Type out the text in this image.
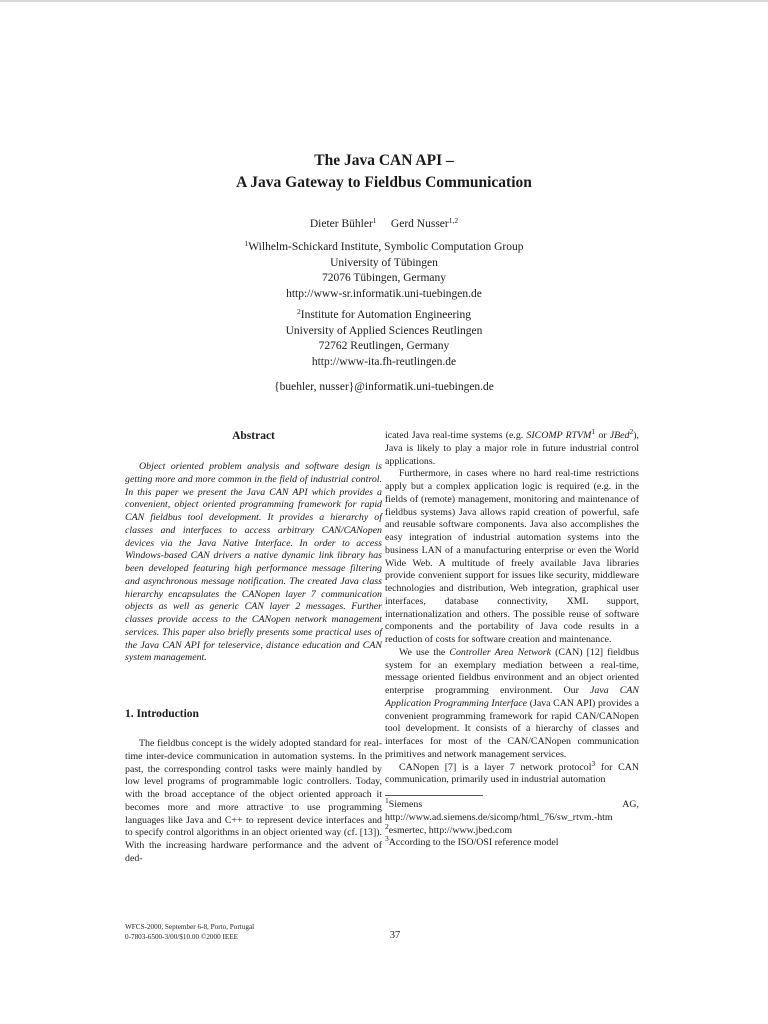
The Java CAN API –
A Java Gateway to Fieldbus Communication
Dieter Bühler$^1$ Gerd Nusser$^{1,2}$
$^1$Wilhelm-Schickard Institute, Symbolic Computation Group
University of Tübingen
72076 Tübingen, Germany
http://www-sr.informatik.uni-tuebingen.de
$^2$Institute for Automation Engineering
University of Applied Sciences Reutlingen
72762 Reutlingen, Germany
http://www-ita.fh-reutlingen.de
{buehler, nusser}@informatik.uni-tuebingen.de
Abstract

Object oriented problem analysis and software design is getting more and more common in the field of industrial control. In this paper we present the Java CAN API which provides a convenient, object oriented programming framework for rapid CAN fieldbus tool development. It provides a hierarchy of classes and interfaces to access arbitrary CAN/CANopen devices via the Java Native Interface. In order to access Windows-based CAN drivers a native dynamic link library has been developed featuring high performance message filtering and asynchronous message notification. The created Java class hierarchy encapsulates the CANopen layer 7 communication objects as well as generic CAN layer 2 messages. Further classes provide access to the CANopen network management services. This paper also briefly presents some practical uses of the Java CAN API for teleservice, distance education and CAN system management.

1. Introduction

The fieldbus concept is the widely adopted standard for real-time inter-device communication in automation systems. In the past, the corresponding control tasks were mainly handled by low level programs of programmable logic controllers. Today, with the broad acceptance of the object oriented approach it becomes more and more attractive to use programming languages like Java and C++ to represent device interfaces and to specify control algorithms in an object oriented way (cf. [13]). With the increasing hardware performance and the advent of ded-

icated Java real-time systems (e.g. SICOMP RTVM$^1$ or JBed$^2$), Java is likely to play a major role in future industrial control applications.

Furthermore, in cases where no hard real-time restrictions apply but a complex application logic is required (e.g. in the fields of (remote) management, monitoring and maintenance of fieldbus systems) Java allows rapid creation of powerful, safe and reusable software components. Java also accomplishes the easy integration of industrial automation systems into the business LAN of a manufacturing enterprise or even the World Wide Web. A multitude of freely available Java libraries provide convenient support for issues like security, middleware technologies and distribution, Web integration, graphical user interfaces, database connectivity, XML support, internationalization and others. The possible reuse of software components and the portability of Java code results in a reduction of costs for software creation and maintenance.

We use the Controller Area Network (CAN) [12] fieldbus system for an exemplary mediation between a real-time, message oriented fieldbus environment and an object oriented enterprise programming environment. Our Java CAN Application Programming Interface (Java CAN API) provides a convenient programming framework for rapid CAN/CANopen tool development. It consists of a hierarchy of classes and interfaces for most of the CAN/CANopen communication primitives and network management services.

CANopen [7] is a layer 7 network protocol$^3$ for CAN communication, primarily used in industrial automation

$^1$Siemens AG, http://www.ad.siemens.de/sicomp/html_76/sw_rtvm.-htm

$^2$esmertec, http://www.jbed.com

$^3$According to the ISO/OSI reference model

WFCS-2000, September 6-8, Porto, Portugal
0-7803-6500-3/00/$10.00 ©2000 IEEE	37
